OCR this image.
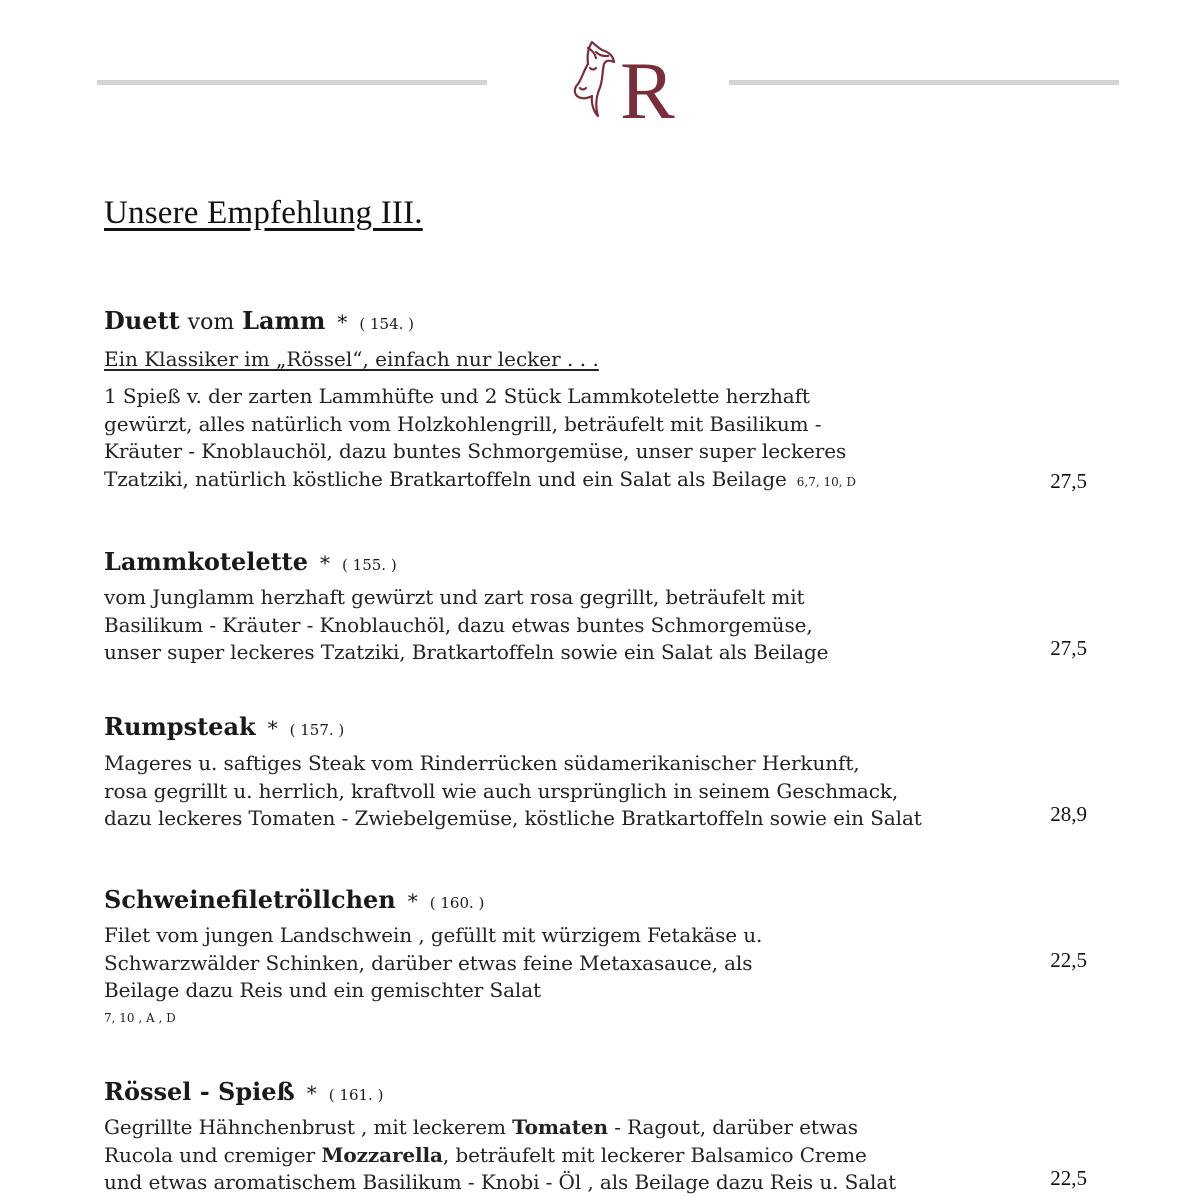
R
Unsere Empfehlung III.
Duett vom Lamm * ( 154. )
Ein Klassiker im „Rössel“, einfach nur lecker . . .
1 Spieß v. der zarten Lammhüfte und 2 Stück Lammkotelette herzhaft
gewürzt, alles natürlich vom Holzkohlengrill, beträufelt mit Basilikum -
Kräuter - Knoblauchöl, dazu buntes Schmorgemüse, unser super leckeres
Tzatziki, natürlich köstliche Bratkartoffeln und ein Salat als Beilage 6,7, 10, D	27,5
Lammkotelette * ( 155. )
vom Junglamm herzhaft gewürzt und zart rosa gegrillt, beträufelt mit
Basilikum - Kräuter - Knoblauchöl, dazu etwas buntes Schmorgemüse,
unser super leckeres Tzatziki, Bratkartoffeln sowie ein Salat als Beilage	27,5
Rumpsteak * ( 157. )
Mageres u. saftiges Steak vom Rinderrücken südamerikanischer Herkunft,
rosa gegrillt u. herrlich, kraftvoll wie auch ursprünglich in seinem Geschmack,
dazu leckeres Tomaten - Zwiebelgemüse, köstliche Bratkartoffeln sowie ein Salat	28,9
Schweinefiletröllchen * ( 160. )
Filet vom jungen Landschwein , gefüllt mit würzigem Fetakäse u.
Schwarzwälder Schinken, darüber etwas feine Metaxasauce, als
Beilage dazu Reis und ein gemischter Salat
7, 10 , A , D
22,5
Rössel - Spieß * ( 161. )
Gegrillte Hähnchenbrust , mit leckerem Tomaten - Ragout, darüber etwas
Rucola und cremiger Mozzarella, beträufelt mit leckerer Balsamico Creme
und etwas aromatischem Basilikum - Knobi - Öl , als Beilage dazu Reis u. Salat	22,5
